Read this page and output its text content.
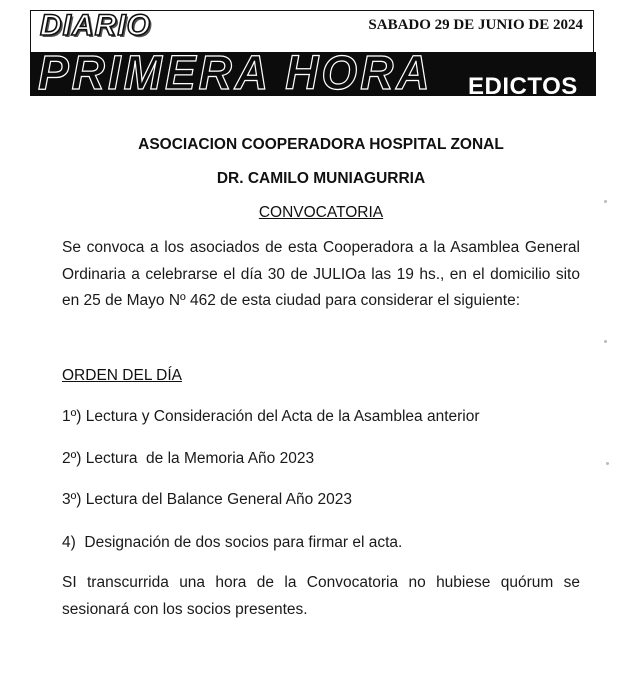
SABADO 29 DE JUNIO DE 2024
DIARIO
PRIMERA HORA EDICTOS
ASOCIACION COOPERADORA HOSPITAL ZONAL
DR. CAMILO MUNIAGURRIA
CONVOCATORIA

Se convoca a los asociados de esta Cooperadora a la Asamblea General Ordinaria a celebrarse el día 30 de JULIOa las 19 hs., en el domicilio sito en 25 de Mayo Nº 462 de esta ciudad para considerar el siguiente:

ORDEN DEL DÍA
1º) Lectura y Consideración del Acta de la Asamblea anterior
2º) Lectura  de la Memoria Año 2023
3º) Lectura del Balance General Año 2023
4)  Designación de dos socios para firmar el acta.

SI transcurrida una hora de la Convocatoria no hubiese quórum se sesionará con los socios presentes.
